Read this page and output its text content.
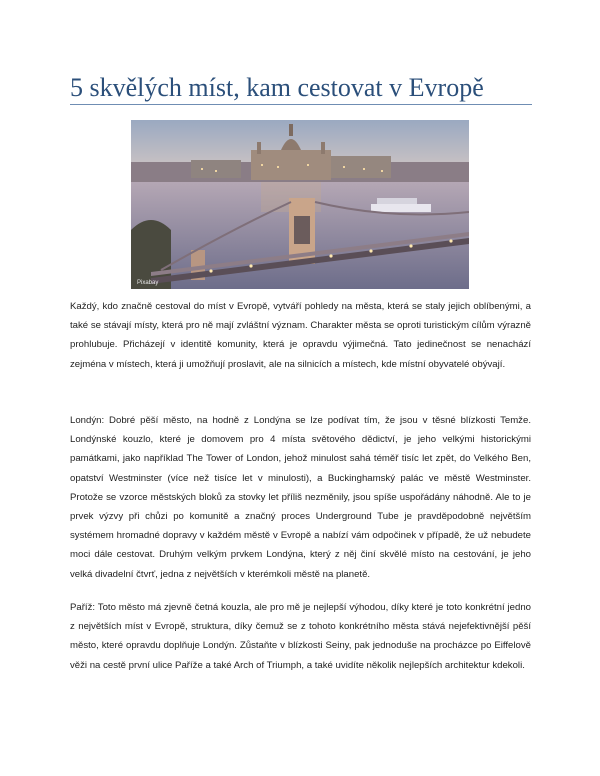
5 skvělých míst, kam cestovat v Evropě
Pixabay

Každý, kdo značně cestoval do míst v Evropě, vytváří pohledy na města, která se staly jejich oblíbenými, a také se stávají místy, která pro ně mají zvláštní význam. Charakter města se oproti turistickým cílům výrazně prohlubuje. Přicházejí v identitě komunity, která je opravdu výjimečná. Tato jedinečnost se nenachází zejména v místech, která ji umožňují proslavit, ale na silnicích a místech, kde místní obyvatelé obývají.

Londýn: Dobré pěší město, na hodně z Londýna se lze podívat tím, že jsou v těsné blízkosti Temže. Londýnské kouzlo, které je domovem pro 4 místa světového dědictví, je jeho velkými historickými památkami, jako například The Tower of London, jehož minulost sahá téměř tisíc let zpět, do Velkého Ben, opatství Westminster (více než tisíce let v minulosti), a Buckinghamský palác ve městě Westminster. Protože se vzorce městských bloků za stovky let příliš nezměnily, jsou spíše uspořádány náhodně. Ale to je prvek výzvy při chůzi po komunitě a značný proces Underground Tube je pravděpodobně největším systémem hromadné dopravy v každém městě v Evropě a nabízí vám odpočinek v případě, že už nebudete moci dále cestovat. Druhým velkým prvkem Londýna, který z něj činí skvělé místo na cestování, je jeho velká divadelní čtvrť, jedna z největších v kterémkoli městě na planetě.

Paříž: Toto město má zjevně četná kouzla, ale pro mě je nejlepší výhodou, díky které je toto konkrétní jedno z největších míst v Evropě, struktura, díky čemuž se z tohoto konkrétního města stává nejefektivnější pěší město, které opravdu doplňuje Londýn. Zůstaňte v blízkosti Seiny, pak jednoduše na procházce po Eiffelově věži na cestě první ulice Paříže a také Arch of Triumph, a také uvidíte několik nejlepších architektur kdekoli.
